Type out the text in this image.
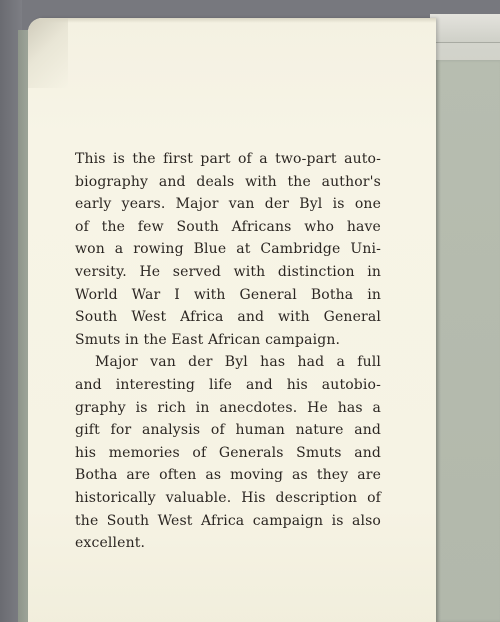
This is the first part of a two-part auto-
biography and deals with the author's
early years. Major van der Byl is one
of the few South Africans who have
won a rowing Blue at Cambridge Uni-
versity. He served with distinction in
World War I with General Botha in
South West Africa and with General
Smuts in the East African campaign.

Major van der Byl has had a full
and interesting life and his autobio-
graphy is rich in anecdotes. He has a
gift for analysis of human nature and
his memories of Generals Smuts and
Botha are often as moving as they are
historically valuable. His description of
the South West Africa campaign is also
excellent.
